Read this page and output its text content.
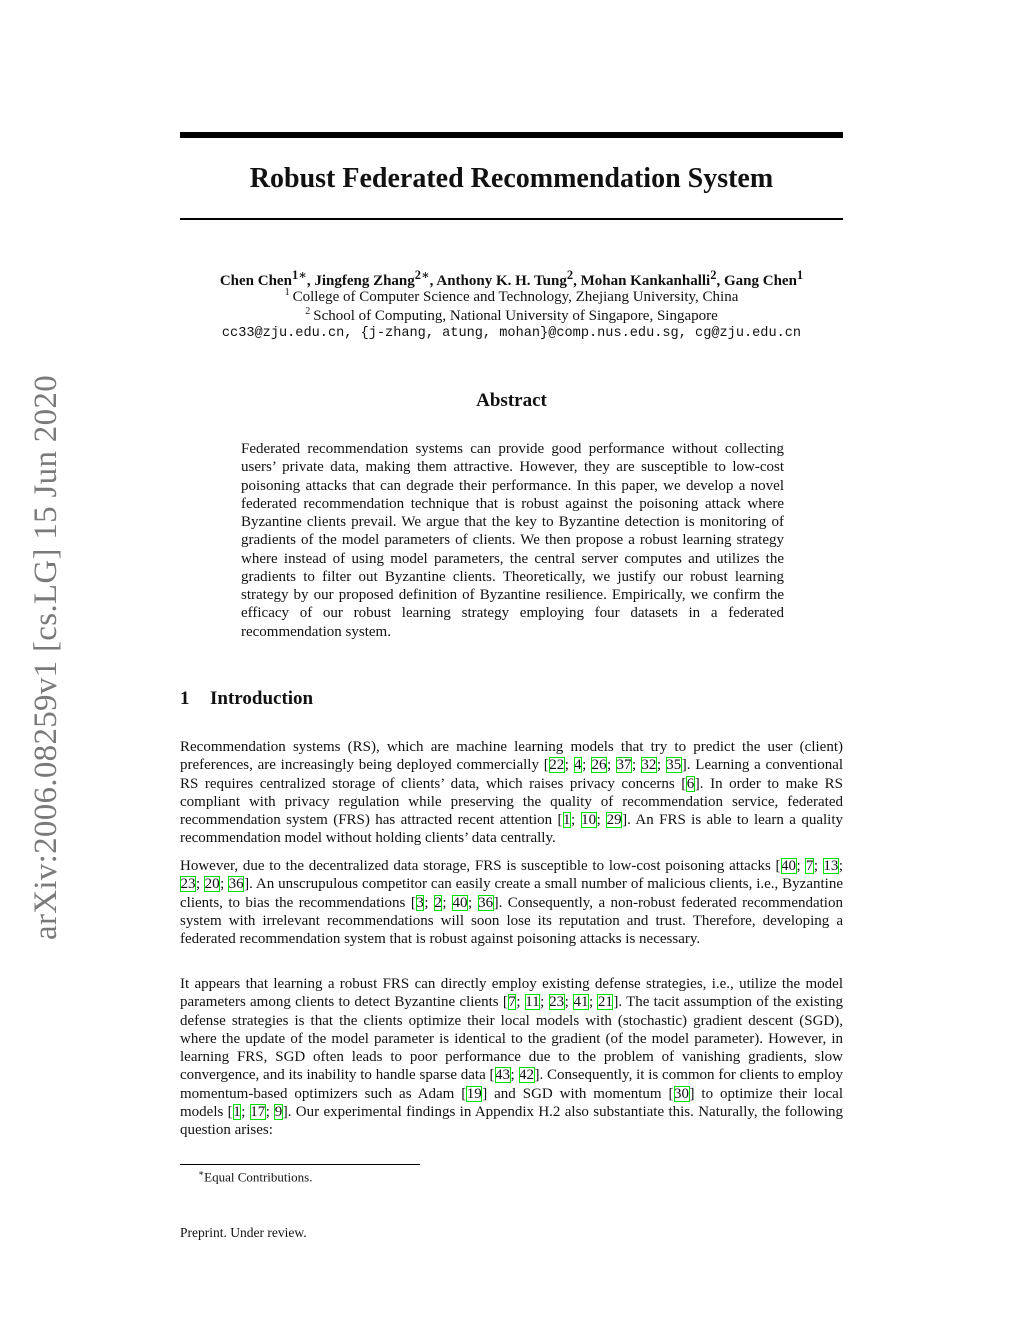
arXiv:2006.08259v1 [cs.LG] 15 Jun 2020
Robust Federated Recommendation System
Chen Chen$^{1∗}$, Jingfeng Zhang$^{2∗}$, Anthony K. H. Tung$^2$, Mohan Kankanhalli$^2$, Gang Chen$^1$
$^1$ College of Computer Science and Technology, Zhejiang University, China
$^2$ School of Computing, National University of Singapore, Singapore
cc33@zju.edu.cn, {j-zhang, atung, mohan}@comp.nus.edu.sg, cg@zju.edu.cn
Abstract

Federated recommendation systems can provide good performance without collecting users’ private data, making them attractive. However, they are susceptible to low-cost poisoning attacks that can degrade their performance. In this paper, we develop a novel federated recommendation technique that is robust against the poisoning attack where Byzantine clients prevail. We argue that the key to Byzantine detection is monitoring of gradients of the model parameters of clients. We then propose a robust learning strategy where instead of using model parameters, the central server computes and utilizes the gradients to filter out Byzantine clients. Theoretically, we justify our robust learning strategy by our proposed definition of Byzantine resilience. Empirically, we confirm the efficacy of our robust learning strategy employing four datasets in a federated recommendation system.

1 Introduction

Recommendation systems (RS), which are machine learning models that try to predict the user (client) preferences, are increasingly being deployed commercially [22; 4; 26; 37; 32; 35]. Learning a conventional RS requires centralized storage of clients’ data, which raises privacy concerns [6]. In order to make RS compliant with privacy regulation while preserving the quality of recommendation service, federated recommendation system (FRS) has attracted recent attention [1; 10; 29]. An FRS is able to learn a quality recommendation model without holding clients’ data centrally.

However, due to the decentralized data storage, FRS is susceptible to low-cost poisoning attacks [40; 7; 13; 23; 20; 36]. An unscrupulous competitor can easily create a small number of malicious clients, i.e., Byzantine clients, to bias the recommendations [3; 2; 40; 36]. Consequently, a non-robust federated recommendation system with irrelevant recommendations will soon lose its reputation and trust. Therefore, developing a federated recommendation system that is robust against poisoning attacks is necessary.

It appears that learning a robust FRS can directly employ existing defense strategies, i.e., utilize the model parameters among clients to detect Byzantine clients [7; 11; 23; 41; 21]. The tacit assumption of the existing defense strategies is that the clients optimize their local models with (stochastic) gradient descent (SGD), where the update of the model parameter is identical to the gradient (of the model parameter). However, in learning FRS, SGD often leads to poor performance due to the problem of vanishing gradients, slow convergence, and its inability to handle sparse data [43; 42]. Consequently, it is common for clients to employ momentum-based optimizers such as Adam [19] and SGD with momentum [30] to optimize their local models [1; 17; 9]. Our experimental findings in Appendix H.2 also substantiate this. Naturally, the following question arises:

∗Equal Contributions.
Preprint. Under review.
